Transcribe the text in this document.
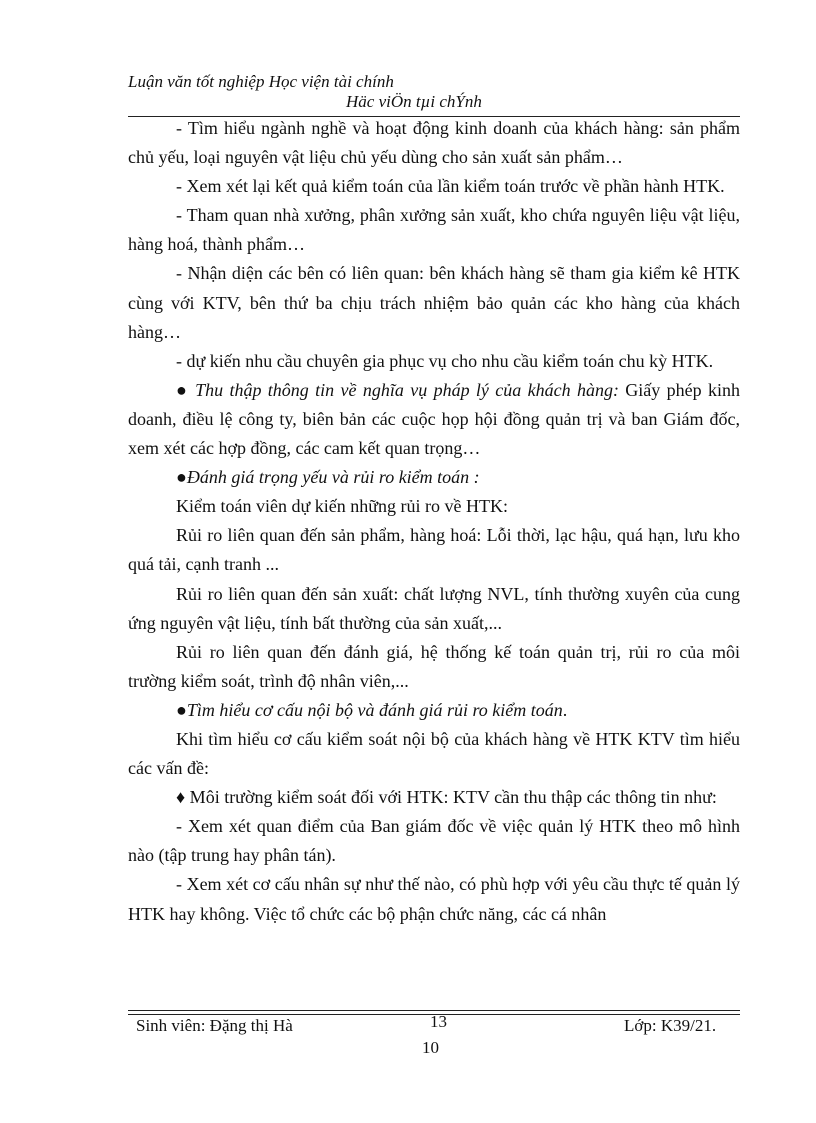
Luận văn tốt nghiệp Học viện tài chính
Häc viÖn tµi chÝnh

- Tìm hiểu ngành nghề và hoạt động kinh doanh của khách hàng: sản phẩm chủ yếu, loại nguyên vật liệu chủ yếu dùng cho sản xuất sản phẩm…

- Xem xét lại kết quả kiểm toán của lần kiểm toán trước về phần hành HTK.

- Tham quan nhà xưởng, phân xưởng sản xuất, kho chứa nguyên liệu vật liệu, hàng hoá, thành phẩm…

- Nhận diện các bên có liên quan: bên khách hàng sẽ tham gia kiểm kê HTK cùng với KTV, bên thứ ba chịu trách nhiệm bảo quản các kho hàng của khách hàng…

- dự kiến nhu cầu chuyên gia phục vụ cho nhu cầu kiểm toán chu kỳ HTK.

● Thu thập thông tin về nghĩa vụ pháp lý của khách hàng: Giấy phép kinh doanh, điều lệ công ty, biên bản các cuộc họp hội đồng quản trị và ban Giám đốc, xem xét các hợp đồng, các cam kết quan trọng…

●Đánh giá trọng yếu và rủi ro kiểm toán :

Kiểm toán viên dự kiến những rủi ro về HTK:

Rủi ro liên quan đến sản phẩm, hàng hoá: Lỗi thời, lạc hậu, quá hạn, lưu kho quá tải, cạnh tranh ...

Rủi ro liên quan đến sản xuất: chất lượng NVL, tính thường xuyên của cung ứng nguyên vật liệu, tính bất thường của sản xuất,...

Rủi ro liên quan đến đánh giá, hệ thống kế toán quản trị, rủi ro của môi trường kiểm soát, trình độ nhân viên,...

●Tìm hiểu cơ cấu nội bộ và đánh giá rủi ro kiểm toán.

Khi tìm hiểu cơ cấu kiểm soát nội bộ của khách hàng về HTK KTV tìm hiểu các vấn đề:

♦ Môi trường kiểm soát đối với HTK: KTV cần thu thập các thông tin như:

- Xem xét quan điểm của Ban giám đốc về việc quản lý HTK theo mô hình nào (tập trung hay phân tán).

- Xem xét cơ cấu nhân sự như thế nào, có phù hợp với yêu cầu thực tế quản lý HTK hay không. Việc tổ chức các bộ phận chức năng, các cá nhân

Sinh viên: Đặng thị Hà	13	Lớp: K39/21.
10
